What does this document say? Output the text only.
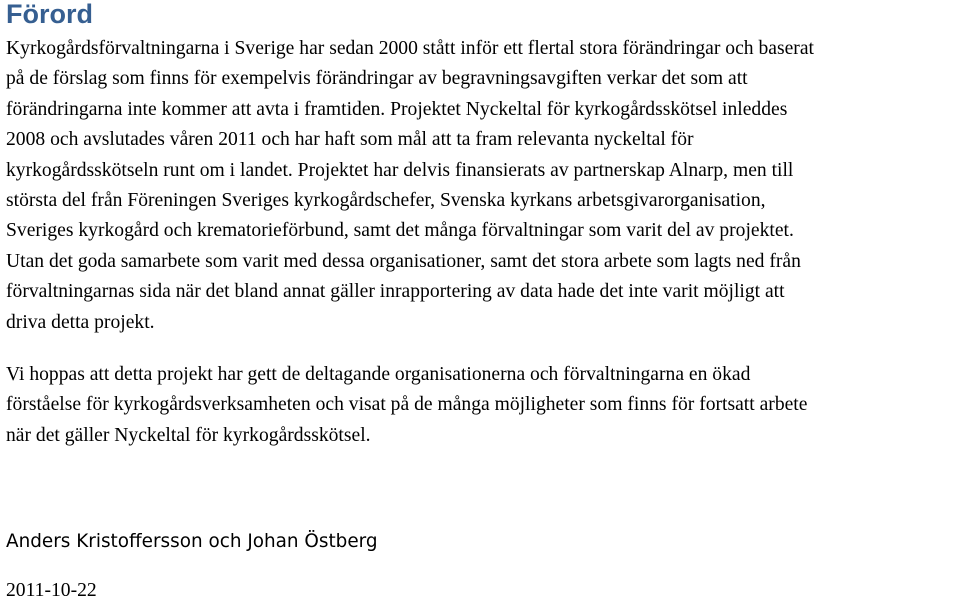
Förord

Kyrkogårdsförvaltningarna i Sverige har sedan 2000 stått inför ett flertal stora förändringar och baserat
på de förslag som finns för exempelvis förändringar av begravningsavgiften verkar det som att
förändringarna inte kommer att avta i framtiden. Projektet Nyckeltal för kyrkogårdsskötsel inleddes
2008 och avslutades våren 2011 och har haft som mål att ta fram relevanta nyckeltal för
kyrkogårdsskötseln runt om i landet. Projektet har delvis finansierats av partnerskap Alnarp, men till
största del från Föreningen Sveriges kyrkogårdschefer, Svenska kyrkans arbetsgivarorganisation,
Sveriges kyrkogård och krematorieförbund, samt det många förvaltningar som varit del av projektet.
Utan det goda samarbete som varit med dessa organisationer, samt det stora arbete som lagts ned från
förvaltningarnas sida när det bland annat gäller inrapportering av data hade det inte varit möjligt att
driva detta projekt.

Vi hoppas att detta projekt har gett de deltagande organisationerna och förvaltningarna en ökad
förståelse för kyrkogårdsverksamheten och visat på de många möjligheter som finns för fortsatt arbete
när det gäller Nyckeltal för kyrkogårdsskötsel.

Anders Kristoffersson och Johan Östberg

2011-10-22
